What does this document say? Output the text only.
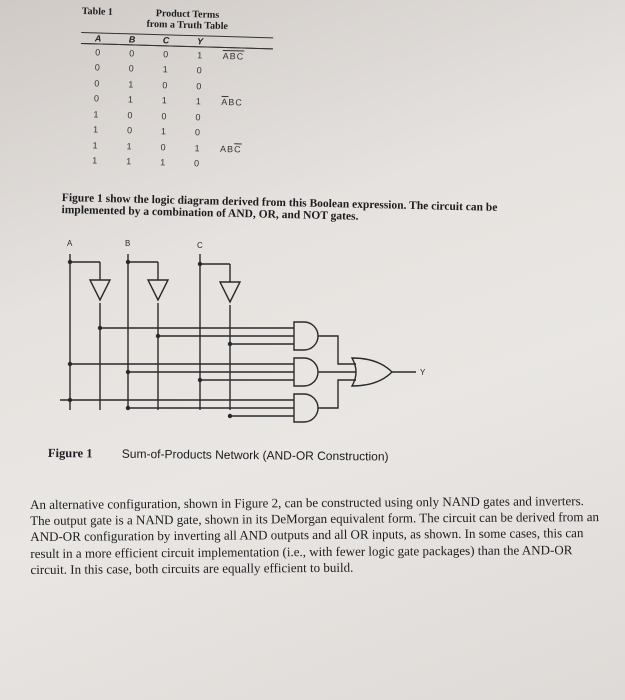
Table 1	Product Terms
from a Truth Table
A	B	C	Y	
0	0	0	1	$\overline{ABC}$
0	0	1	0	
0	1	0	0	
0	1	1	1	$\overline{A}BC$
1	0	0	0	
1	0	1	0	
1	1	0	1	$AB\overline{C}$
1	1	1	0	
Figure 1 show the logic diagram derived from this Boolean expression. The circuit can be implemented by a combination of AND, OR, and NOT gates.
A	B	C
Y
Figure 1 Sum-of-Products Network (AND-OR Construction)
An alternative configuration, shown in Figure 2, can be constructed using only NAND gates and inverters. The output gate is a NAND gate, shown in its DeMorgan equivalent form. The circuit can be derived from an AND-OR configuration by inverting all AND outputs and all OR inputs, as shown. In some cases, this can result in a more efficient circuit implementation (i.e., with fewer logic gate packages) than the AND-OR circuit. In this case, both circuits are equally efficient to build.
